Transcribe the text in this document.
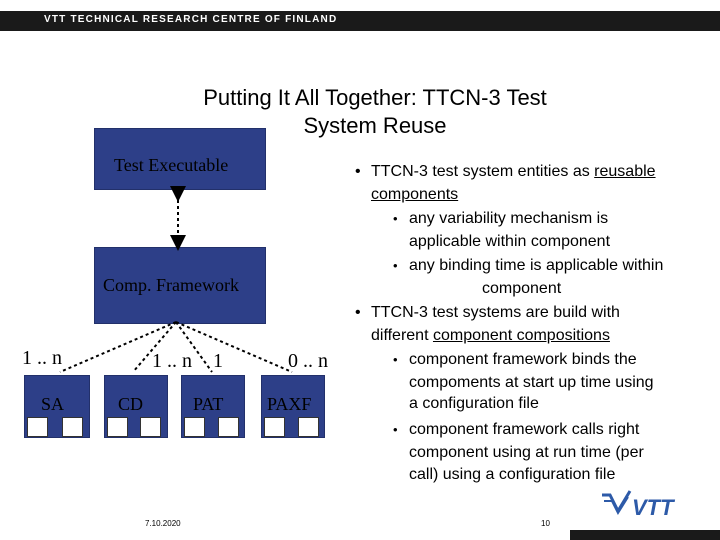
VTT TECHNICAL RESEARCH CENTRE OF FINLAND
Putting It All Together: TTCN-3 Test
System Reuse
Test Executable
Comp. Framework
1 .. n	1 .. n 1	0 .. n
SA	CD	PAT PAXF
• TTCN-3 test system entities as reusable
components
• any variability mechanism is
applicable within component
• any binding time is applicable within
component
• TTCN-3 test systems are build with
different component compositions
• component framework binds the
compoments at start up time using
a configuration file
• component framework calls right
component using at run time (per
call) using a configuration file
7.10.2020	10
VTT
